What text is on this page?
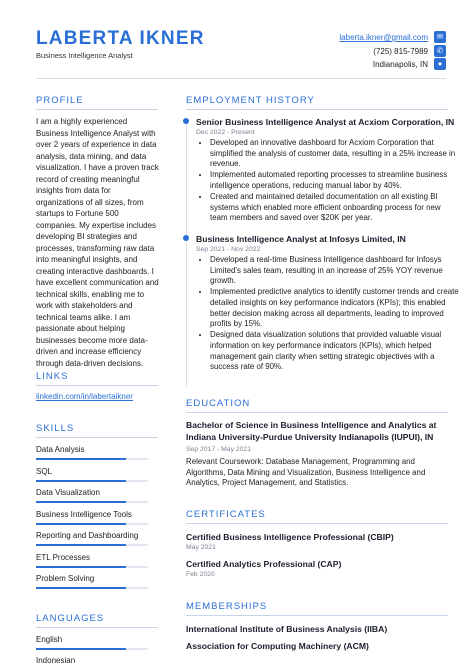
LABERTA IKNER
Business Intelligence Analyst
laberta.ikner@gmail.com
(725) 815-7989
Indianapolis, IN
✉
✆
●
PROFILE
I am a highly experienced Business Intelligence Analyst with over 2 years of experience in data analysis, data mining, and data visualization. I have a proven track record of creating meaningful insights from data for organizations of all sizes, from startups to Fortune 500 companies. My expertise includes developing BI strategies and processes, transforming raw data into meaningful insights, and creating interactive dashboards. I have excellent communication and technical skills, enabling me to work with stakeholders and technical teams alike. I am passionate about helping businesses become more data-driven and increase efficiency through data-driven decisions.
LINKS
linkedin.com/in/labertaikner
SKILLS
Data Analysis
SQL
Data Visualization
Business Intelligence Tools
Reporting and Dashboarding
ETL Processes
Problem Solving
LANGUAGES
English
Indonesian
EMPLOYMENT HISTORY
Senior Business Intelligence Analyst at Acxiom Corporation, IN
Dec 2022 - Present
• Developed an innovative dashboard for Acxiom Corporation that simplified the analysis of customer data, resulting in a 25% increase in revenue.
• Implemented automated reporting processes to streamline business intelligence operations, reducing manual labor by 40%.
• Created and maintained detailed documentation on all existing BI systems which enabled more efficient onboarding process for new team members and saved over $20K per year.
Business Intelligence Analyst at Infosys Limited, IN
Sep 2021 - Nov 2022
• Developed a real-time Business Intelligence dashboard for Infosys Limited's sales team, resulting in an increase of 25% YOY revenue growth.
• Implemented predictive analytics to identify customer trends and create detailed insights on key performance indicators (KPIs); this enabled better decision making across all departments, leading to improved profits by 15%.
• Designed data visualization solutions that provided valuable visual information on key performance indicators (KPIs), which helped management gain clarity when setting strategic objectives with a success rate of 90%.
EDUCATION
Bachelor of Science in Business Intelligence and Analytics at Indiana University-Purdue University Indianapolis (IUPUI), IN
Sep 2017 - May 2021
Relevant Coursework: Database Management, Programming and Algorithms, Data Mining and Visualization, Business Intelligence and Analytics, Project Management, and Statistics.
CERTIFICATES
Certified Business Intelligence Professional (CBIP)
May 2021
Certified Analytics Professional (CAP)
Feb 2020
MEMBERSHIPS
International Institute of Business Analysis (IIBA)
Association for Computing Machinery (ACM)
